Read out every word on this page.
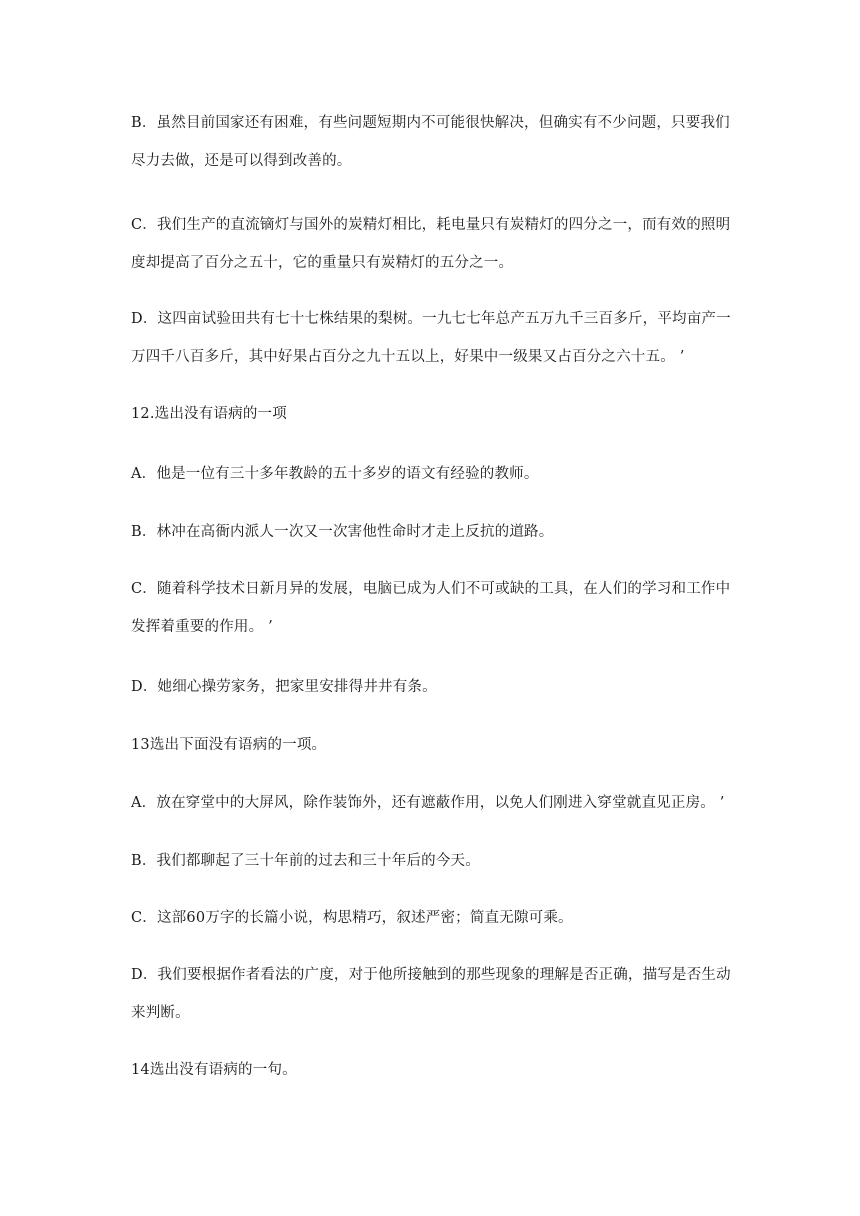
B．虽然目前国家还有困难，有些问题短期内不可能很快解决，但确实有不少问题，只要我们尽力去做，还是可以得到改善的。

C．我们生产的直流镝灯与国外的炭精灯相比，耗电量只有炭精灯的四分之一，而有效的照明度却提高了百分之五十，它的重量只有炭精灯的五分之一。

D．这四亩试验田共有七十七株结果的梨树。一九七七年总产五万九千三百多斤，平均亩产一万四千八百多斤，其中好果占百分之九十五以上，好果中一级果又占百分之六十五。 ’

12.选出没有语病的一项

A．他是一位有三十多年教龄的五十多岁的语文有经验的教师。

B．林冲在高衙内派人一次又一次害他性命时才走上反抗的道路。

C．随着科学技术日新月异的发展，电脑已成为人们不可或缺的工具，在人们的学习和工作中发挥着重要的作用。 ’

D．她细心操劳家务，把家里安排得井井有条。

13选出下面没有语病的一项。

A．放在穿堂中的大屏风，除作装饰外，还有遮蔽作用，以免人们刚进入穿堂就直见正房。 ’

B．我们都聊起了三十年前的过去和三十年后的今天。

C．这部60万字的长篇小说，构思精巧，叙述严密；简直无隙可乘。

D．我们要根据作者看法的广度，对于他所接触到的那些现象的理解是否正确，描写是否生动来判断。

14选出没有语病的一句。
